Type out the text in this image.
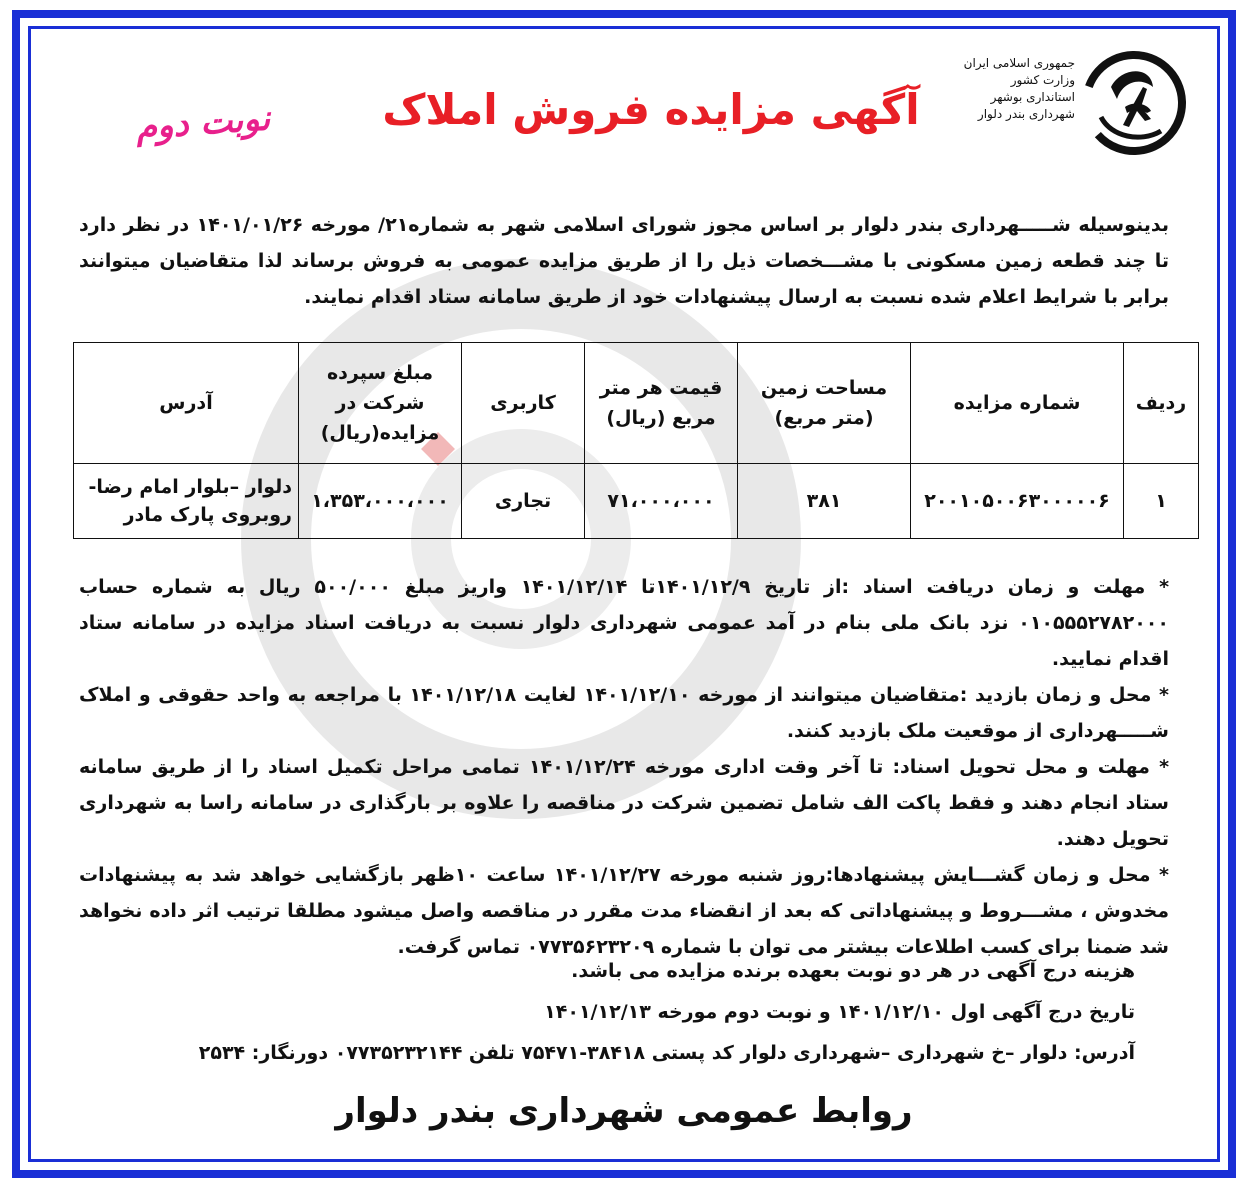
جمهوری اسلامی ایران
وزارت کشور
استانداری بوشهر
شهرداری بندر دلوار
آگهی مزایده فروش املاک
نوبت دوم
بدینوسیله شـــــهرداری بندر دلوار بر اساس مجوز شورای اسلامی شهر به شماره۲۱/ مورخه ۱۴۰۱/۰۱/۲۶ در نظر دارد تا چند قطعه زمین مسکونی با مشـــخصات ذیل را از طریق مزایده عمومی به فروش برساند لذا متقاضیان میتوانند برابر با شرایط اعلام شده نسبت به ارسال پیشنهادات خود از طریق سامانه ستاد اقدام نمایند.
ردیف	شماره مزایده	مساحت زمین (متر مربع)	قیمت هر متر مربع (ریال)	کاربری	مبلغ سپرده شرکت در مزایده(ریال)	آدرس
۱	۲۰۰۱۰۵۰۰۶۳۰۰۰۰۰۶	۳۸۱	۷۱،۰۰۰،۰۰۰	تجاری	۱،۳۵۳،۰۰۰،۰۰۰	دلوار –بلوار امام رضا- روبروی پارک مادر

* مهلت و زمان دریافت اسناد :از تاریخ ۱۴۰۱/۱۲/۹تا ۱۴۰۱/۱۲/۱۴ واریز مبلغ ۵۰۰/۰۰۰ ریال به شماره حساب ۰۱۰۵۵۵۲۷۸۲۰۰۰ نزد بانک ملی بنام در آمد عمومی شهرداری دلوار نسبت به دریافت اسناد مزایده در سامانه ستاد اقدام نمایید.

* محل و زمان بازدید :متقاضیان میتوانند از مورخه ۱۴۰۱/۱۲/۱۰ لغایت ۱۴۰۱/۱۲/۱۸ با مراجعه به واحد حقوقی و املاک شـــــهرداری از موقعیت ملک بازدید کنند.

* مهلت و محل تحویل اسناد: تا آخر وقت اداری مورخه ۱۴۰۱/۱۲/۲۴ تمامی مراحل تکمیل اسناد را از طریق سامانه ستاد انجام دهند و فقط پاکت الف شامل تضمین شرکت در مناقصه را علاوه بر بارگذاری در سامانه راسا به شهرداری تحویل دهند.

* محل و زمان گشـــایش پیشنهادها:روز شنبه مورخه ۱۴۰۱/۱۲/۲۷ ساعت ۱۰ظهر بازگشایی خواهد شد به پیشنهادات مخدوش ، مشـــروط و پیشنهاداتی که بعد از انقضاء مدت مقرر در مناقصه واصل میشود مطلقا ترتیب اثر داده نخواهد شد ضمنا برای کسب اطلاعات بیشتر می توان با شماره ۰۷۷۳۵۶۲۳۲۰۹ تماس گرفت.

هزینه درج آگهی در هر دو نوبت بعهده برنده مزایده می باشد.
تاریخ درج آگهی اول ۱۴۰۱/۱۲/۱۰ و نوبت دوم مورخه ۱۴۰۱/۱۲/۱۳
آدرس: دلوار –خ شهرداری –شهرداری دلوار کد پستی ۳۸۴۱۸-۷۵۴۷۱ تلفن ۰۷۷۳۵۲۳۲۱۴۴ دورنگار: ۲۵۳۴
روابط عمومی شهرداری بندر دلوار
